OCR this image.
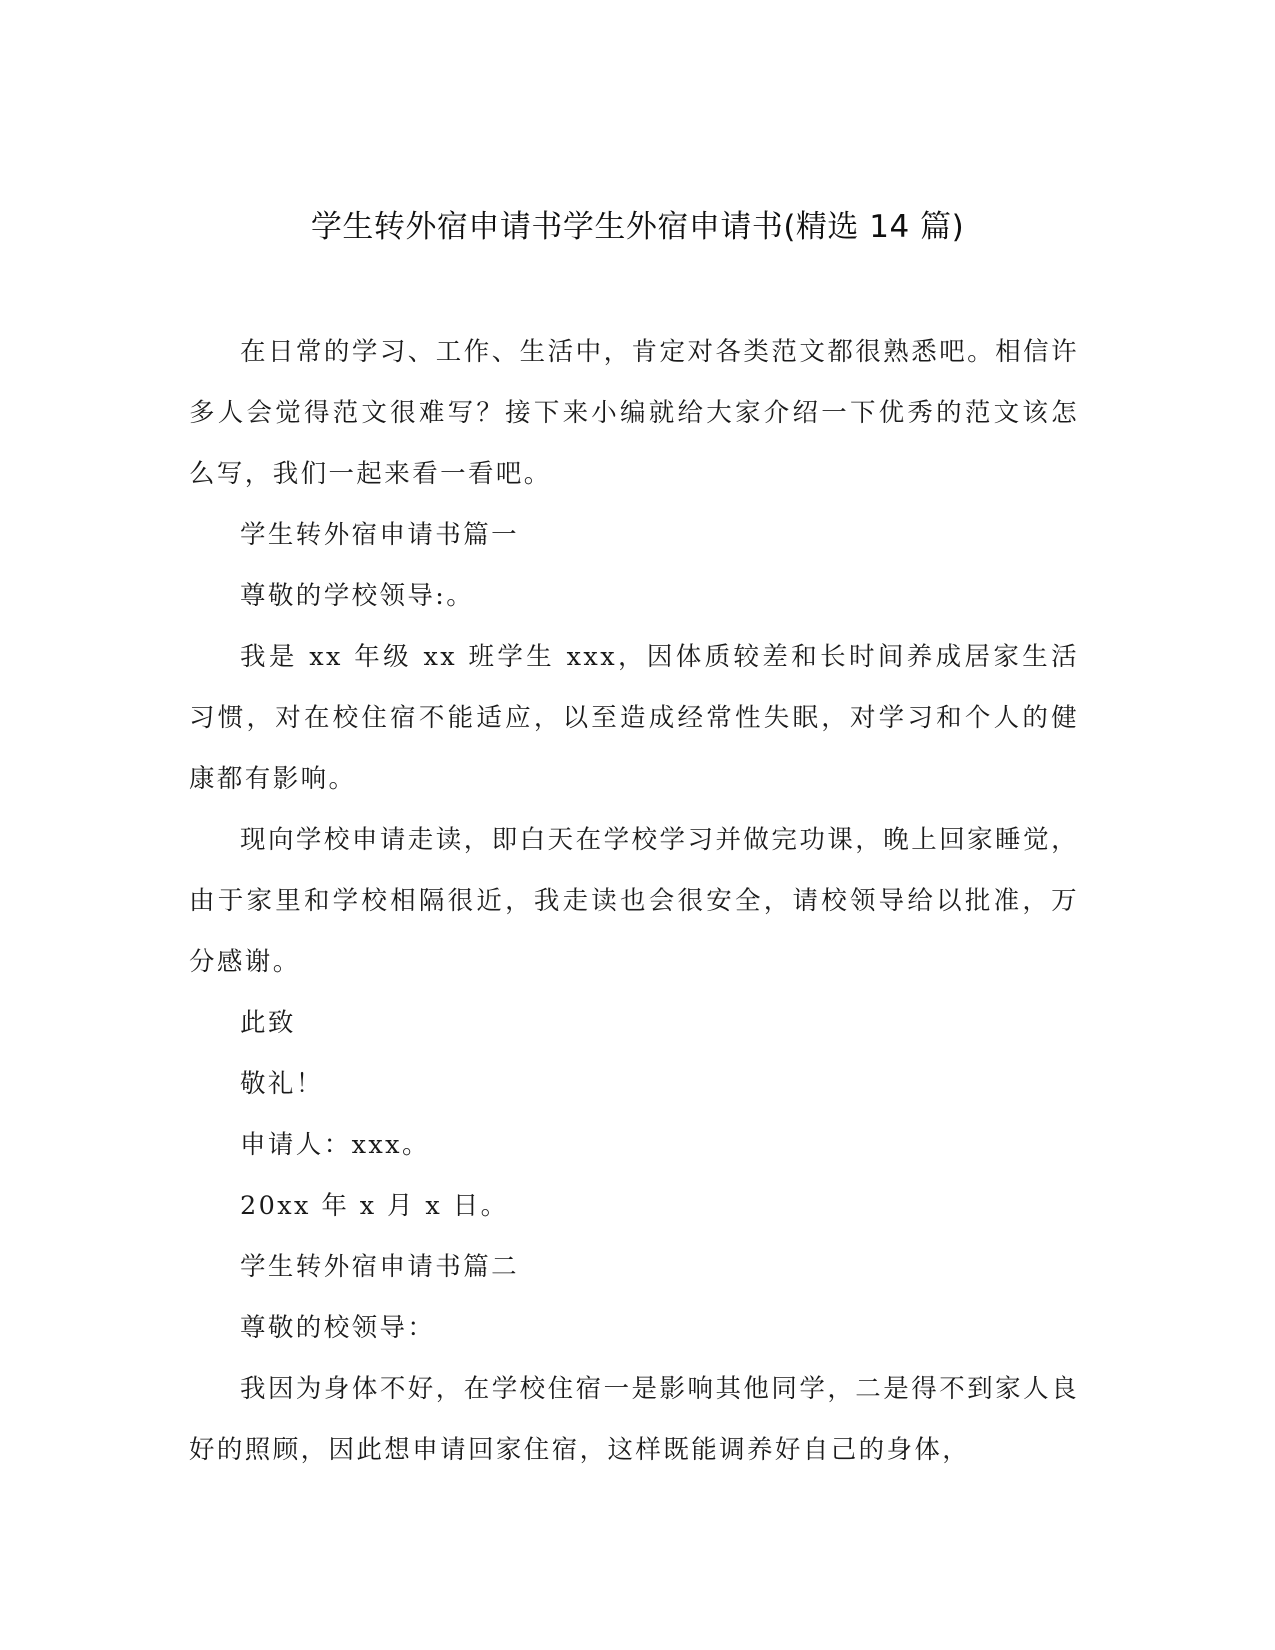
学生转外宿申请书学生外宿申请书(精选 14 篇)

在日常的学习、工作、生活中，肯定对各类范文都很熟悉吧。相信许多人会觉得范文很难写？接下来小编就给大家介绍一下优秀的范文该怎么写，我们一起来看一看吧。

学生转外宿申请书篇一

尊敬的学校领导:。

我是 xx 年级 xx 班学生 xxx，因体质较差和长时间养成居家生活习惯，对在校住宿不能适应，以至造成经常性失眠，对学习和个人的健康都有影响。

现向学校申请走读，即白天在学校学习并做完功课，晚上回家睡觉，由于家里和学校相隔很近，我走读也会很安全，请校领导给以批准，万分感谢。

此致

敬礼！

申请人：xxx。

20xx 年 x 月 x 日。

学生转外宿申请书篇二

尊敬的校领导：

我因为身体不好，在学校住宿一是影响其他同学，二是得不到家人良好的照顾，因此想申请回家住宿，这样既能调养好自己的身体，
